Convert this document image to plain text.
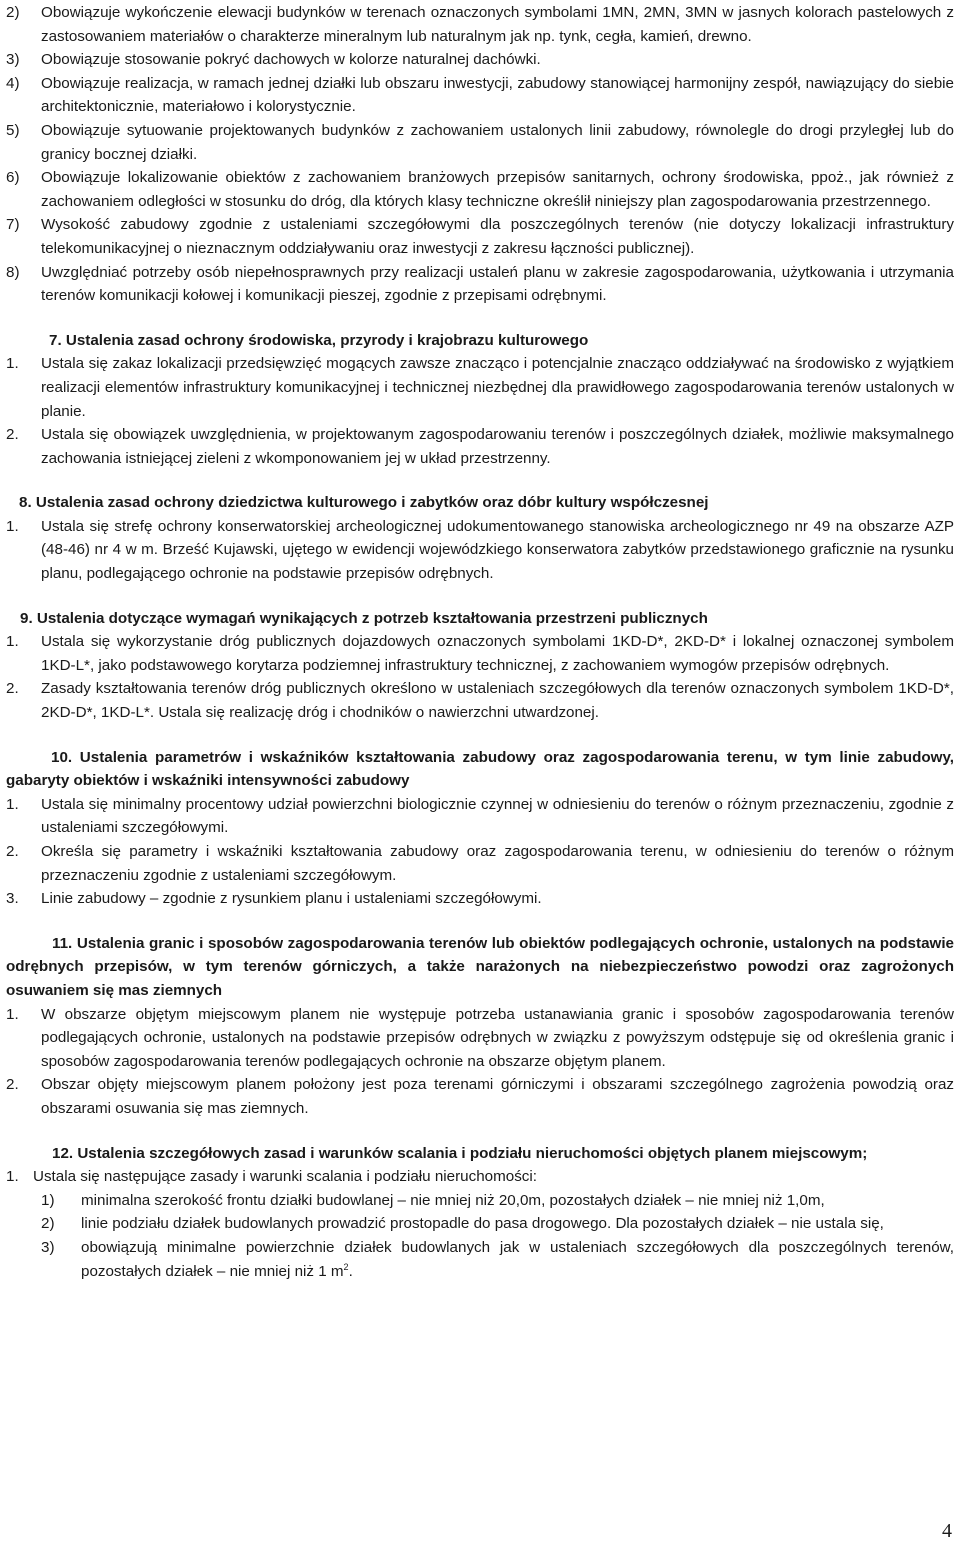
2)	Obowiązuje wykończenie elewacji budynków w terenach oznaczonych symbolami 1MN, 2MN, 3MN w jasnych kolorach pastelowych z zastosowaniem materiałów o charakterze mineralnym lub naturalnym jak np. tynk, cegła, kamień, drewno.
3)	Obowiązuje stosowanie pokryć dachowych w kolorze naturalnej dachówki.
4)	Obowiązuje realizacja, w ramach jednej działki lub obszaru inwestycji, zabudowy stanowiącej harmonijny zespół, nawiązujący do siebie architektonicznie, materiałowo i kolorystycznie.
5)	Obowiązuje sytuowanie projektowanych budynków z zachowaniem ustalonych linii zabudowy, równolegle do drogi przyległej lub do granicy bocznej działki.
6)	Obowiązuje lokalizowanie obiektów z zachowaniem branżowych przepisów sanitarnych, ochrony środowiska, ppoż., jak również z zachowaniem odległości w stosunku do dróg, dla których klasy techniczne określił niniejszy plan zagospodarowania przestrzennego.
7)	Wysokość zabudowy zgodnie z ustaleniami szczegółowymi dla poszczególnych terenów (nie dotyczy lokalizacji infrastruktury telekomunikacyjnej o nieznacznym oddziaływaniu oraz inwestycji z zakresu łączności publicznej).
8)	Uwzględniać potrzeby osób niepełnosprawnych przy realizacji ustaleń planu w zakresie zagospodarowania, użytkowania i utrzymania terenów komunikacji kołowej i komunikacji pieszej, zgodnie z przepisami odrębnymi.
7. Ustalenia zasad ochrony środowiska, przyrody i krajobrazu kulturowego
1.	Ustala się zakaz lokalizacji przedsięwzięć mogących zawsze znacząco i potencjalnie znacząco oddziaływać na środowisko z wyjątkiem realizacji elementów infrastruktury komunikacyjnej i technicznej niezbędnej dla prawidłowego zagospodarowania terenów ustalonych w planie.
2.	Ustala się obowiązek uwzględnienia, w projektowanym zagospodarowaniu terenów i poszczególnych działek, możliwie maksymalnego zachowania istniejącej zieleni z wkomponowaniem jej w układ przestrzenny.
8. Ustalenia zasad ochrony dziedzictwa kulturowego i zabytków oraz dóbr kultury współczesnej
1.	Ustala się strefę ochrony konserwatorskiej archeologicznej udokumentowanego stanowiska archeologicznego nr 49 na obszarze AZP (48-46) nr 4 w m. Brześć Kujawski, ujętego w ewidencji wojewódzkiego konserwatora zabytków przedstawionego graficznie na rysunku planu, podlegającego ochronie na podstawie przepisów odrębnych.
9. Ustalenia dotyczące wymagań wynikających z potrzeb kształtowania przestrzeni publicznych
1.	Ustala się wykorzystanie dróg publicznych dojazdowych oznaczonych symbolami 1KD-D*, 2KD-D* i lokalnej oznaczonej symbolem 1KD-L*, jako podstawowego korytarza podziemnej infrastruktury technicznej, z zachowaniem wymogów przepisów odrębnych.
2.	Zasady kształtowania terenów dróg publicznych określono w ustaleniach szczegółowych dla terenów oznaczonych symbolem 1KD-D*, 2KD-D*, 1KD-L*. Ustala się realizację dróg i chodników o nawierzchni utwardzonej.
10. Ustalenia parametrów i wskaźników kształtowania zabudowy oraz zagospodarowania terenu, w tym linie zabudowy, gabaryty obiektów i wskaźniki intensywności zabudowy
1.	Ustala się minimalny procentowy udział powierzchni biologicznie czynnej w odniesieniu do terenów o różnym przeznaczeniu, zgodnie z ustaleniami szczegółowymi.
2.	Określa się parametry i wskaźniki kształtowania zabudowy oraz zagospodarowania terenu, w odniesieniu do terenów o różnym przeznaczeniu zgodnie z ustaleniami szczegółowym.
3.	Linie zabudowy – zgodnie z rysunkiem planu i ustaleniami szczegółowymi.
11. Ustalenia granic i sposobów zagospodarowania terenów lub obiektów podlegających ochronie, ustalonych na podstawie odrębnych przepisów, w tym terenów górniczych, a także narażonych na niebezpieczeństwo powodzi oraz zagrożonych osuwaniem się mas ziemnych
1.	W obszarze objętym miejscowym planem nie występuje potrzeba ustanawiania granic i sposobów zagospodarowania terenów podlegających ochronie, ustalonych na podstawie przepisów odrębnych w związku z powyższym odstępuje się od określenia granic i sposobów zagospodarowania terenów podlegających ochronie na obszarze objętym planem.
2.	Obszar objęty miejscowym planem położony jest poza terenami górniczymi i obszarami szczególnego zagrożenia powodzią oraz obszarami osuwania się mas ziemnych.
12. Ustalenia szczegółowych zasad i warunków scalania i podziału nieruchomości objętych planem miejscowym;
1. Ustala się następujące zasady i warunki scalania i podziału nieruchomości:
1)	minimalna szerokość frontu działki budowlanej – nie mniej niż 20,0m, pozostałych działek – nie mniej niż 1,0m,
2)	linie podziału działek budowlanych prowadzić prostopadle do pasa drogowego. Dla pozostałych działek – nie ustala się,
3)	obowiązują minimalne powierzchnie działek budowlanych jak w ustaleniach szczegółowych dla poszczególnych terenów, pozostałych działek – nie mniej niż 1 $m^2$.
4
